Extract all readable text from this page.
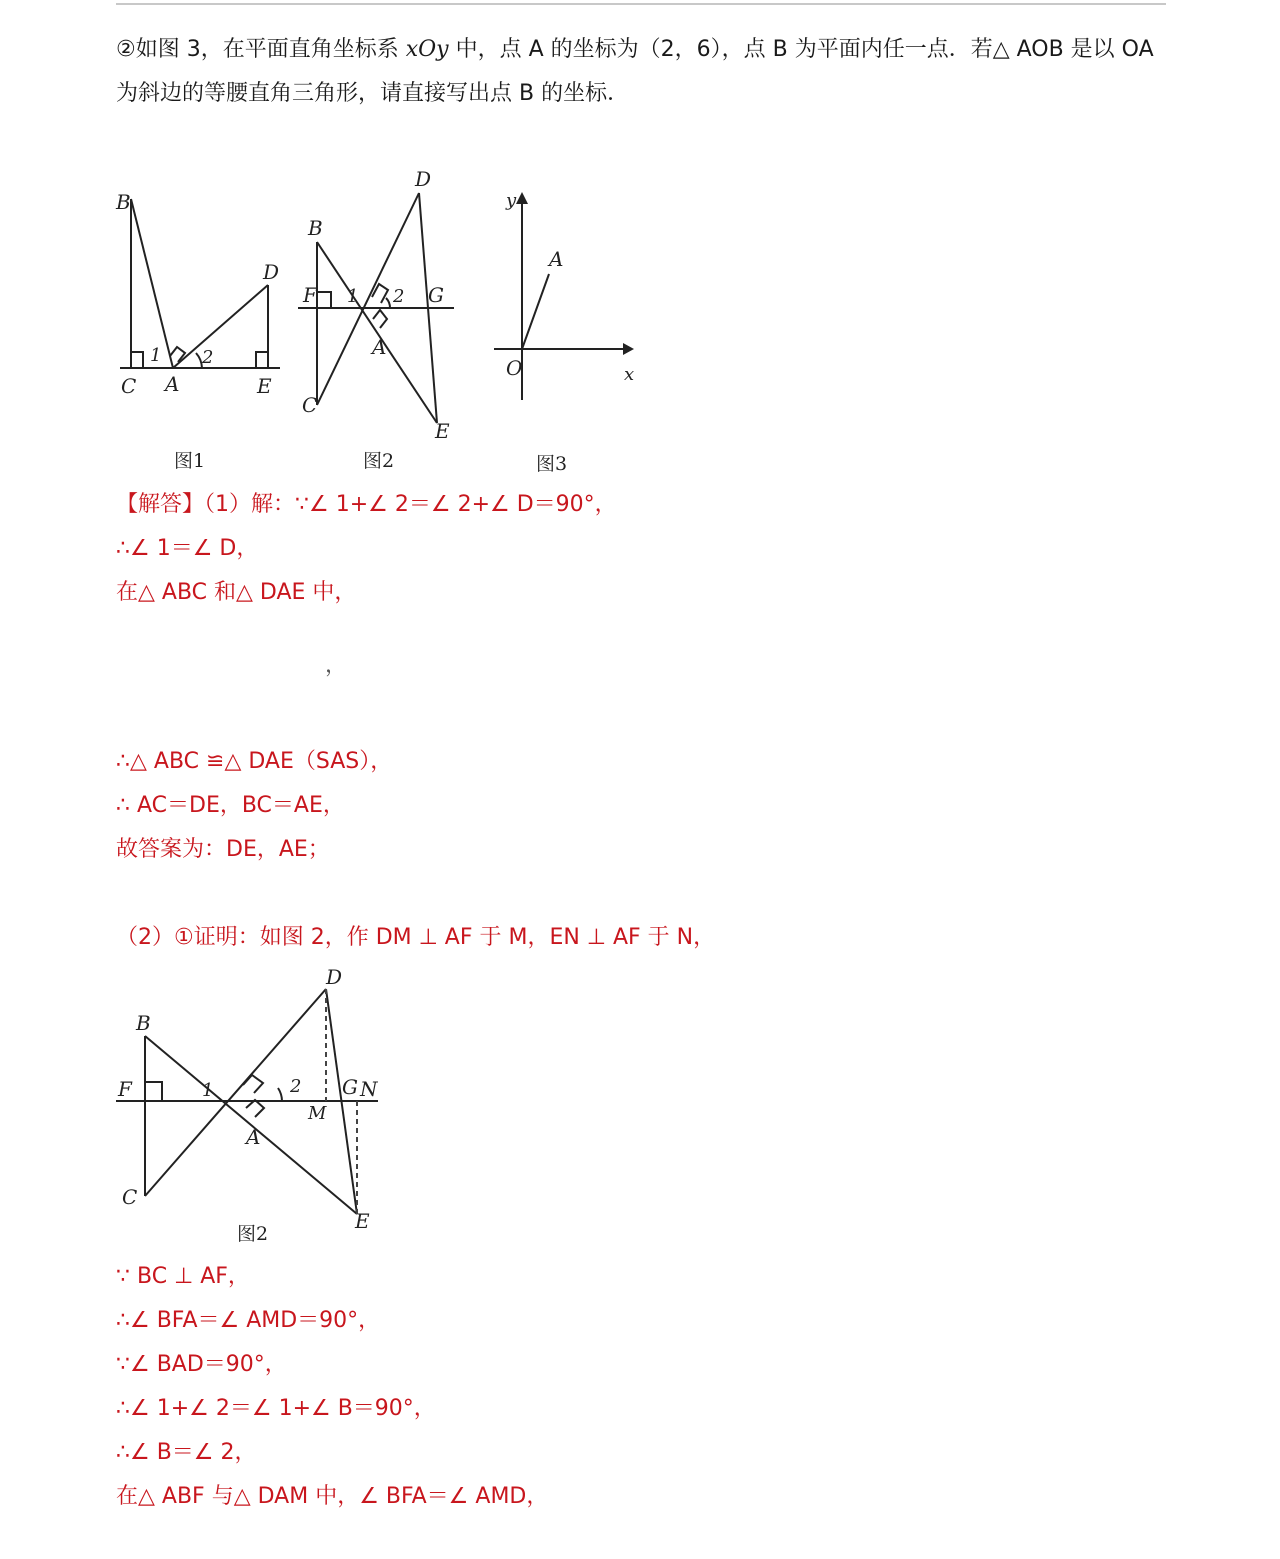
②如图 3，在平面直角坐标系 xOy 中，点 A 的坐标为（2，6），点 B 为平面内任一点．若△ AOB 是以 OA
为斜边的等腰直角三角形，请直接写出点 B 的坐标．
B
D
C A	E
1 2
图1
D
B
F 1 2 G
A
C
E
图2
y
A
O	x
图3
【解答】（1）解：∵∠ 1+∠ 2＝∠ 2+∠ D＝90°，
∴∠ 1＝∠ D，
在△ ABC 和△ DAE 中，
，
∴△ ABC ≌△ DAE（SAS），
∴ AC＝DE，BC＝AE，
故答案为：DE，AE；
（2）①证明：如图 2，作 DM ⊥ AF 于 M，EN ⊥ AF 于 N，
D
B
F	1	2 G N
M
A
C
E
图2
∵ BC ⊥ AF，
∴∠ BFA＝∠ AMD＝90°，
∵∠ BAD＝90°，
∴∠ 1+∠ 2＝∠ 1+∠ B＝90°，
∴∠ B＝∠ 2，
在△ ABF 与△ DAM 中，∠ BFA＝∠ AMD，
